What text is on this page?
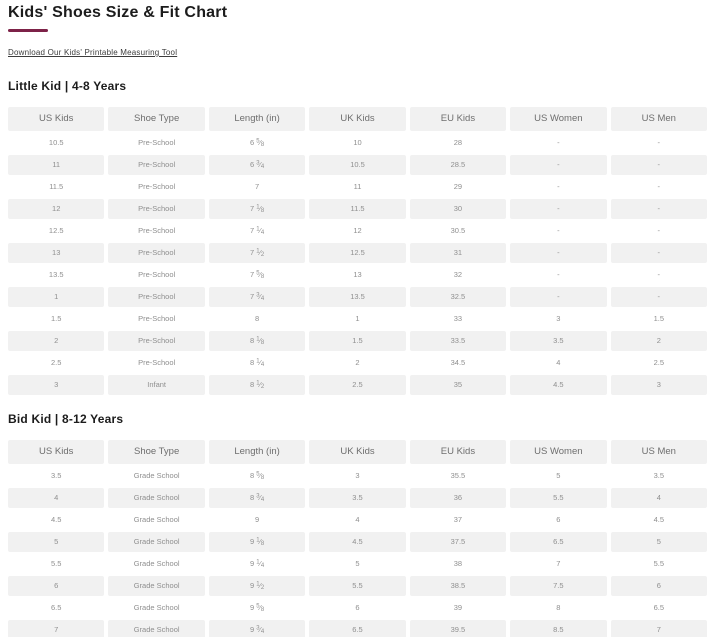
Kids' Shoes Size & Fit Chart
Download Our Kids' Printable Measuring Tool
Little Kid | 4-8 Years
US Kids	Shoe Type	Length (in)	UK Kids	EU Kids	US Women	US Men
10.5	Pre-School	6 $^5⁄_8$	10	28	-	-
11	Pre-School	6 $^3⁄_4$	10.5	28.5	-	-
11.5	Pre-School	7	11	29	-	-
12	Pre-School	7 $^1⁄_8$	11.5	30	-	-
12.5	Pre-School	7 $^1⁄_4$	12	30.5	-	-
13	Pre-School	7 $^1⁄_2$	12.5	31	-	-
13.5	Pre-School	7 $^5⁄_8$	13	32	-	-
1	Pre-School	7 $^3⁄_4$	13.5	32.5	-	-
1.5	Pre-School	8	1	33	3	1.5
2	Pre-School	8 $^1⁄_8$	1.5	33.5	3.5	2
2.5	Pre-School	8 $^1⁄_4$	2	34.5	4	2.5
3	Infant	8 $^1⁄_2$	2.5	35	4.5	3
Bid Kid | 8-12 Years
US Kids	Shoe Type	Length (in)	UK Kids	EU Kids	US Women	US Men
3.5	Grade School	8 $^5⁄_8$	3	35.5	5	3.5
4	Grade School	8 $^3⁄_4$	3.5	36	5.5	4
4.5	Grade School	9	4	37	6	4.5
5	Grade School	9 $^1⁄_8$	4.5	37.5	6.5	5
5.5	Grade School	9 $^1⁄_4$	5	38	7	5.5
6	Grade School	9 $^1⁄_2$	5.5	38.5	7.5	6
6.5	Grade School	9 $^5⁄_8$	6	39	8	6.5
7	Grade School	9 $^3⁄_4$	6.5	39.5	8.5	7
